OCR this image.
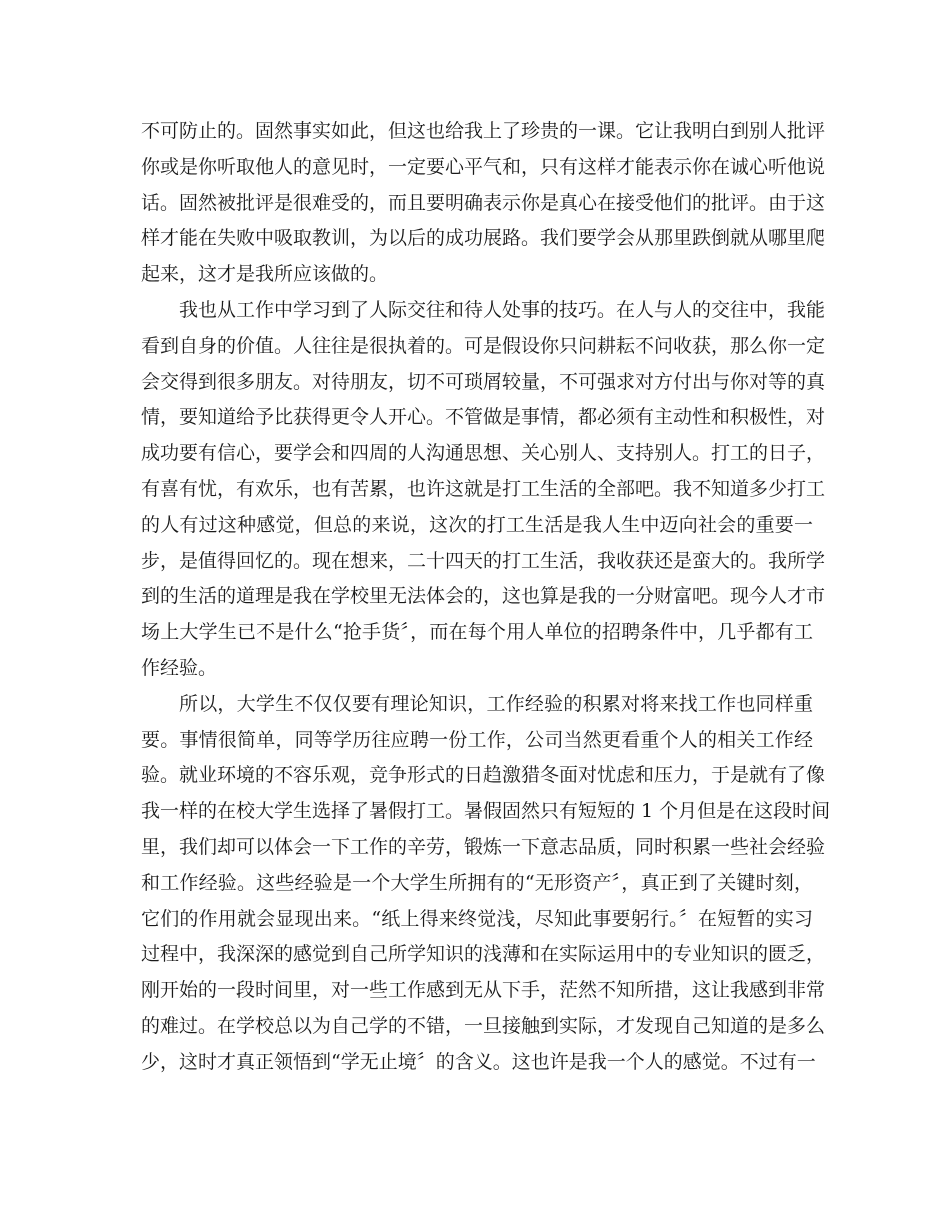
不可防止的。固然事实如此，但这也给我上了珍贵的一课。它让我明白到别人批评
你或是你听取他人的意见时，一定要心平气和，只有这样才能表示你在诚心听他说
话。固然被批评是很难受的，而且要明确表示你是真心在接受他们的批评。由于这
样才能在失败中吸取教训，为以后的成功展路。我们要学会从那里跌倒就从哪里爬
起来，这才是我所应该做的。
我也从工作中学习到了人际交往和待人处事的技巧。在人与人的交往中，我能
看到自身的价值。人往往是很执着的。可是假设你只问耕耘不问收获，那么你一定
会交得到很多朋友。对待朋友，切不可琐屑较量，不可强求对方付出与你对等的真
情，要知道给予比获得更令人开心。不管做是事情，都必须有主动性和积极性，对
成功要有信心，要学会和四周的人沟通思想、关心别人、支持别人。打工的日子，
有喜有忧，有欢乐，也有苦累，也许这就是打工生活的全部吧。我不知道多少打工
的人有过这种感觉，但总的来说，这次的打工生活是我人生中迈向社会的重要一
步，是值得回忆的。现在想来，二十四天的打工生活，我收获还是蛮大的。我所学
到的生活的道理是我在学校里无法体会的，这也算是我的一分财富吧。现今人才市
场上大学生已不是什么“抢手货〞，而在每个用人单位的招聘条件中，几乎都有工
作经验。
所以，大学生不仅仅要有理论知识，工作经验的积累对将来找工作也同样重
要。事情很简单，同等学历往应聘一份工作，公司当然更看重个人的相关工作经
验。就业环境的不容乐观，竞争形式的日趋激猎冬面对忧虑和压力，于是就有了像
我一样的在校大学生选择了暑假打工。暑假固然只有短短的 1 个月但是在这段时间
里，我们却可以体会一下工作的辛劳，锻炼一下意志品质，同时积累一些社会经验
和工作经验。这些经验是一个大学生所拥有的“无形资产〞，真正到了关键时刻，
它们的作用就会显现出来。“纸上得来终觉浅，尽知此事要躬行。〞在短暂的实习
过程中，我深深的感觉到自己所学知识的浅薄和在实际运用中的专业知识的匮乏，
刚开始的一段时间里，对一些工作感到无从下手，茫然不知所措，这让我感到非常
的难过。在学校总以为自己学的不错，一旦接触到实际，才发现自己知道的是多么
少，这时才真正领悟到“学无止境〞的含义。这也许是我一个人的感觉。不过有一
